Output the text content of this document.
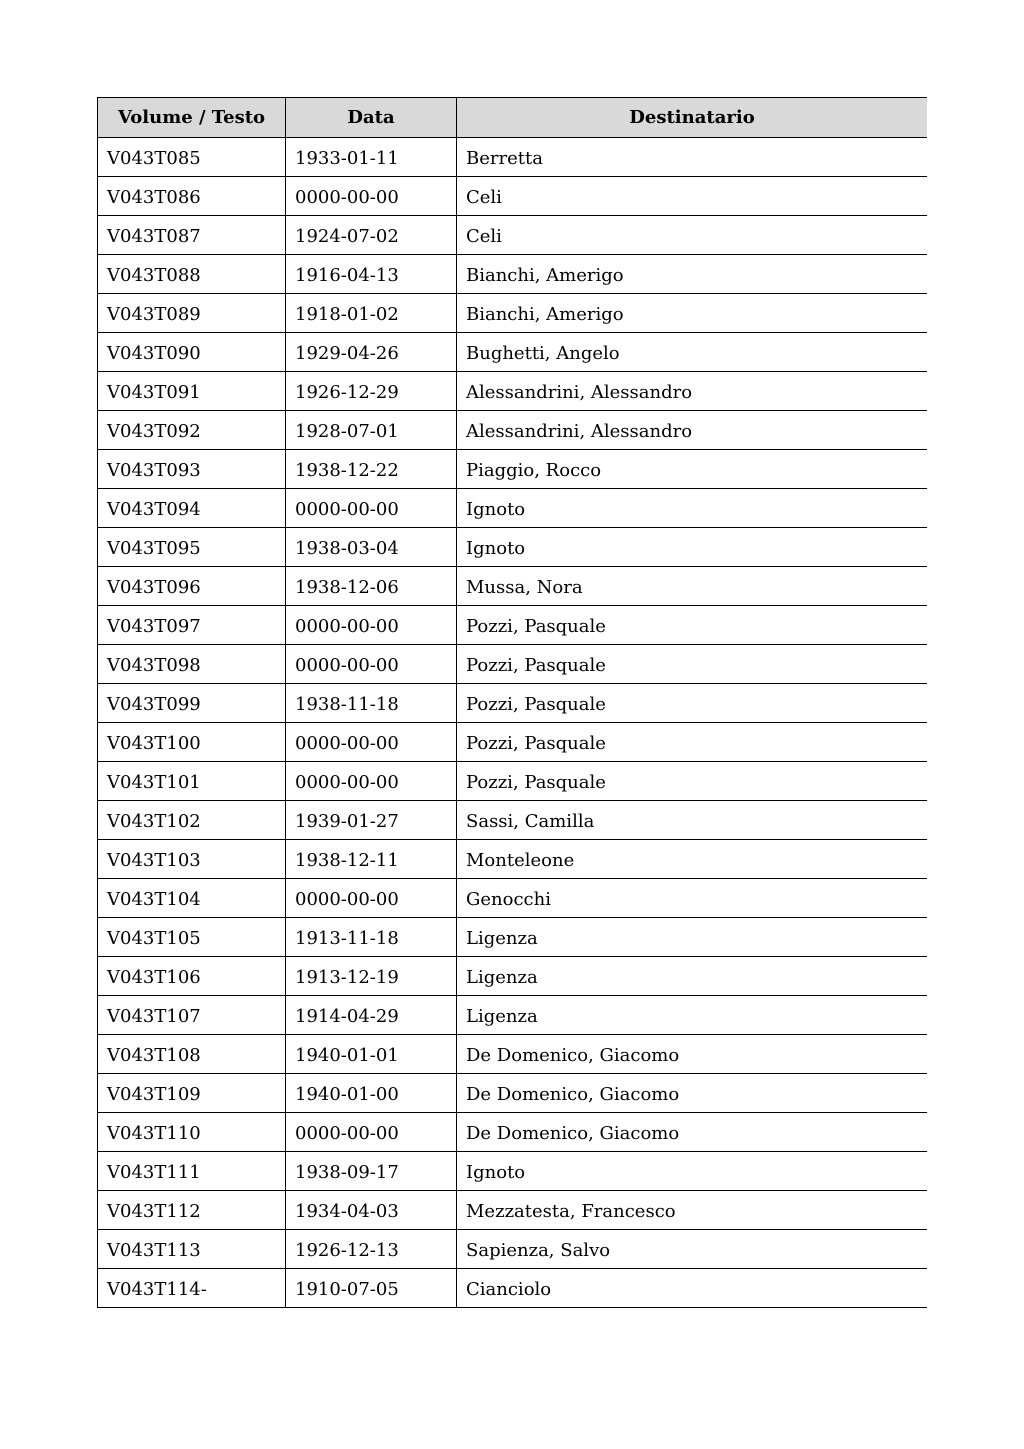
Volume / Testo	Data	Destinatario
V043T085	1933-01-11	Berretta
V043T086	0000-00-00	Celi
V043T087	1924-07-02	Celi
V043T088	1916-04-13	Bianchi, Amerigo
V043T089	1918-01-02	Bianchi, Amerigo
V043T090	1929-04-26	Bughetti, Angelo
V043T091	1926-12-29	Alessandrini, Alessandro
V043T092	1928-07-01	Alessandrini, Alessandro
V043T093	1938-12-22	Piaggio, Rocco
V043T094	0000-00-00	Ignoto
V043T095	1938-03-04	Ignoto
V043T096	1938-12-06	Mussa, Nora
V043T097	0000-00-00	Pozzi, Pasquale
V043T098	0000-00-00	Pozzi, Pasquale
V043T099	1938-11-18	Pozzi, Pasquale
V043T100	0000-00-00	Pozzi, Pasquale
V043T101	0000-00-00	Pozzi, Pasquale
V043T102	1939-01-27	Sassi, Camilla
V043T103	1938-12-11	Monteleone
V043T104	0000-00-00	Genocchi
V043T105	1913-11-18	Ligenza
V043T106	1913-12-19	Ligenza
V043T107	1914-04-29	Ligenza
V043T108	1940-01-01	De Domenico, Giacomo
V043T109	1940-01-00	De Domenico, Giacomo
V043T110	0000-00-00	De Domenico, Giacomo
V043T111	1938-09-17	Ignoto
V043T112	1934-04-03	Mezzatesta, Francesco
V043T113	1926-12-13	Sapienza, Salvo
V043T114-	1910-07-05	Cianciolo
